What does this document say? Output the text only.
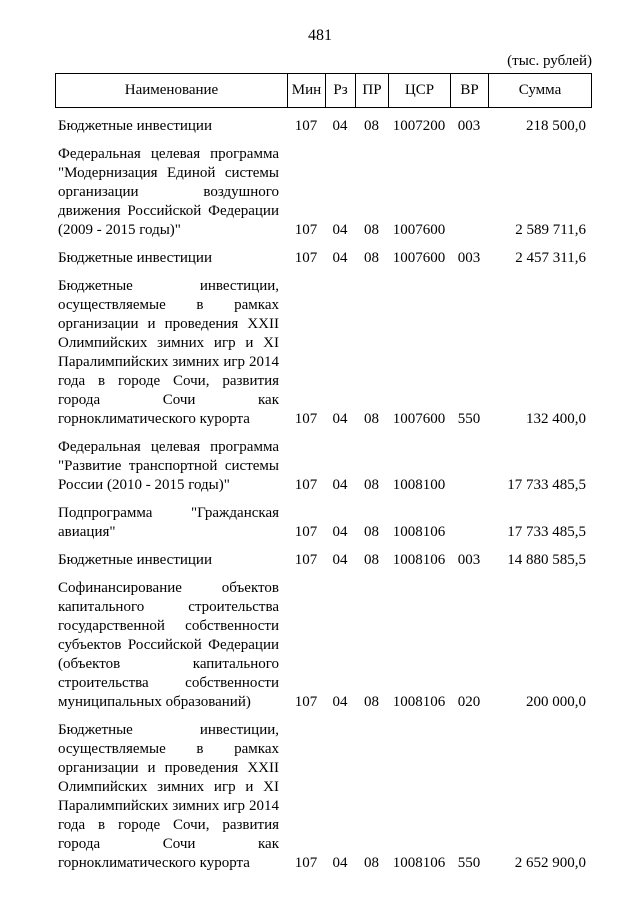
481
(тыс. рублей)
Наименование	Мин Рз ПР	ЦСР	ВР	Сумма
Бюджетные инвестиции	107	04	08 1007200 003	218 500,0
Федеральная целевая программа "Модернизация Единой системы организации воздушного движения Российской Федерации (2009 - 2015 годы)"	107	04	08 1007600	2 589 711,6
Бюджетные инвестиции	107	04	08 1007600 003	2 457 311,6
Бюджетные инвестиции, осуществляемые в рамках организации и проведения XXII Олимпийских зимних игр и XI Паралимпийских зимних игр 2014 года в городе Сочи, развития города Сочи как горноклиматического курорта	107	04	08 1007600 550	132 400,0
Федеральная целевая программа "Развитие транспортной системы России (2010 - 2015 годы)"	107	04	08 1008100	17 733 485,5
Подпрограмма "Гражданская авиация"	107	04	08 1008106	17 733 485,5
Бюджетные инвестиции	107	04	08 1008106 003	14 880 585,5
Софинансирование объектов капитального строительства государственной собственности субъектов Российской Федерации (объектов капитального строительства собственности муниципальных образований)	107	04	08 1008106 020	200 000,0
Бюджетные инвестиции, осуществляемые в рамках организации и проведения XXII Олимпийских зимних игр и XI Паралимпийских зимних игр 2014 года в городе Сочи, развития города Сочи как горноклиматического курорта	107	04	08 1008106 550	2 652 900,0
